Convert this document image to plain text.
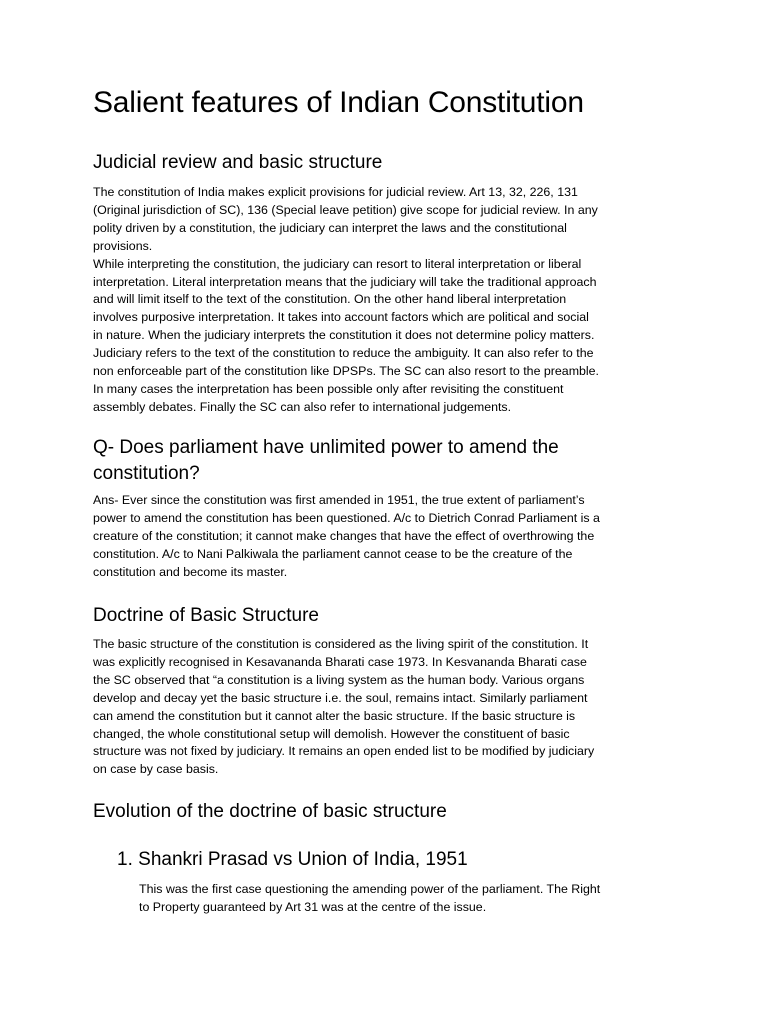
Salient features of Indian Constitution
Judicial review and basic structure

The constitution of India makes explicit provisions for judicial review. Art 13, 32, 226, 131
(Original jurisdiction of SC), 136 (Special leave petition) give scope for judicial review. In any
polity driven by a constitution, the judiciary can interpret the laws and the constitutional
provisions.

While interpreting the constitution, the judiciary can resort to literal interpretation or liberal
interpretation. Literal interpretation means that the judiciary will take the traditional approach
and will limit itself to the text of the constitution. On the other hand liberal interpretation
involves purposive interpretation. It takes into account factors which are political and social
in nature. When the judiciary interprets the constitution it does not determine policy matters.
Judiciary refers to the text of the constitution to reduce the ambiguity. It can also refer to the
non enforceable part of the constitution like DPSPs. The SC can also resort to the preamble.
In many cases the interpretation has been possible only after revisiting the constituent
assembly debates. Finally the SC can also refer to international judgements.

Q- Does parliament have unlimited power to amend the
constitution?

Ans- Ever since the constitution was first amended in 1951, the true extent of parliament’s
power to amend the constitution has been questioned. A/c to Dietrich Conrad Parliament is a
creature of the constitution; it cannot make changes that have the effect of overthrowing the
constitution. A/c to Nani Palkiwala the parliament cannot cease to be the creature of the
constitution and become its master.

Doctrine of Basic Structure

The basic structure of the constitution is considered as the living spirit of the constitution. It
was explicitly recognised in Kesavananda Bharati case 1973. In Kesvananda Bharati case
the SC observed that “a constitution is a living system as the human body. Various organs
develop and decay yet the basic structure i.e. the soul, remains intact. Similarly parliament
can amend the constitution but it cannot alter the basic structure. If the basic structure is
changed, the whole constitutional setup will demolish. However the constituent of basic
structure was not fixed by judiciary. It remains an open ended list to be modified by judiciary
on case by case basis.

Evolution of the doctrine of basic structure
1. Shankri Prasad vs Union of India, 1951

This was the first case questioning the amending power of the parliament. The Right
to Property guaranteed by Art 31 was at the centre of the issue.
